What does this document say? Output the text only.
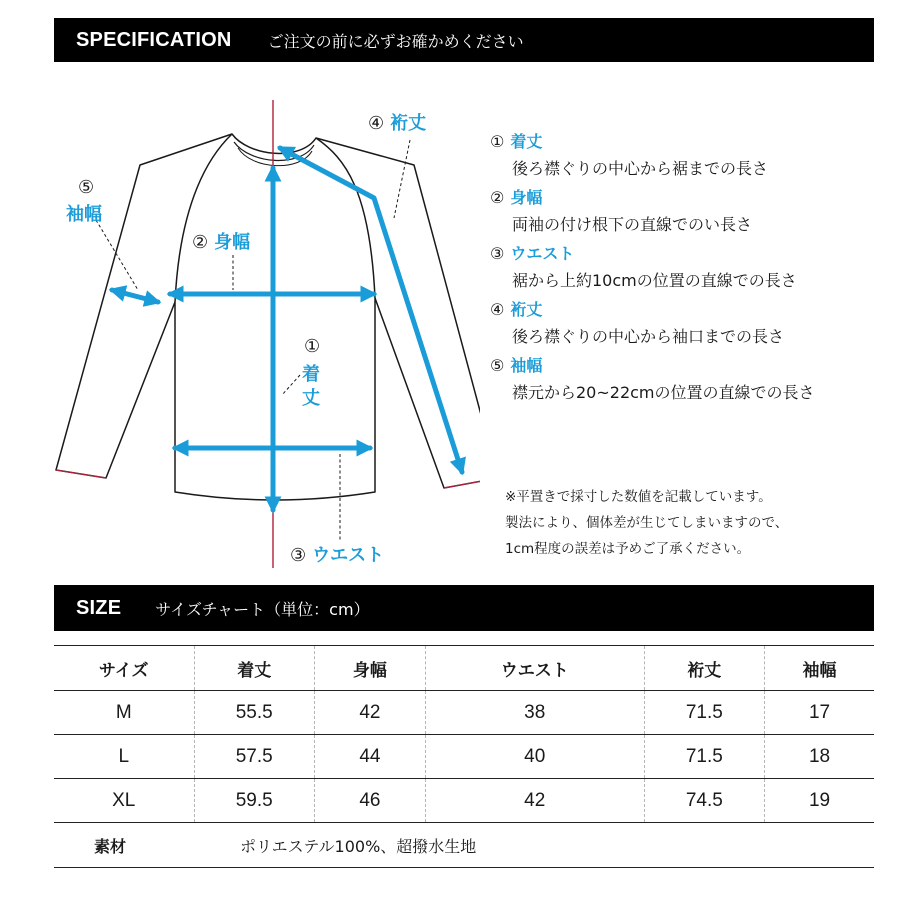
SPECIFICATION ご注文の前に必ずお確かめください
④ 裄丈
⑤
袖幅
② 身幅
①
着
丈
③ ウエスト
① 着丈
後ろ襟ぐりの中心から裾までの長さ
② 身幅
両袖の付け根下の直線でのい長さ
③ ウエスト
裾から上約10cmの位置の直線での長さ
④ 裄丈
後ろ襟ぐりの中心から袖口までの長さ
⑤ 袖幅
襟元から20~22cmの位置の直線での長さ
※平置きで採寸した数値を記載しています。
製法により、個体差が生じてしまいますので、
1cm程度の誤差は予めご了承ください。
SIZE サイズチャート（単位：cm）
サイズ	着丈	身幅	ウエスト	裄丈	袖幅
M	55.5	42	38	71.5	17
L	57.5	44	40	71.5	18
XL	59.5	46	42	74.5	19
素材	ポリエステル100%、超撥水生地				
